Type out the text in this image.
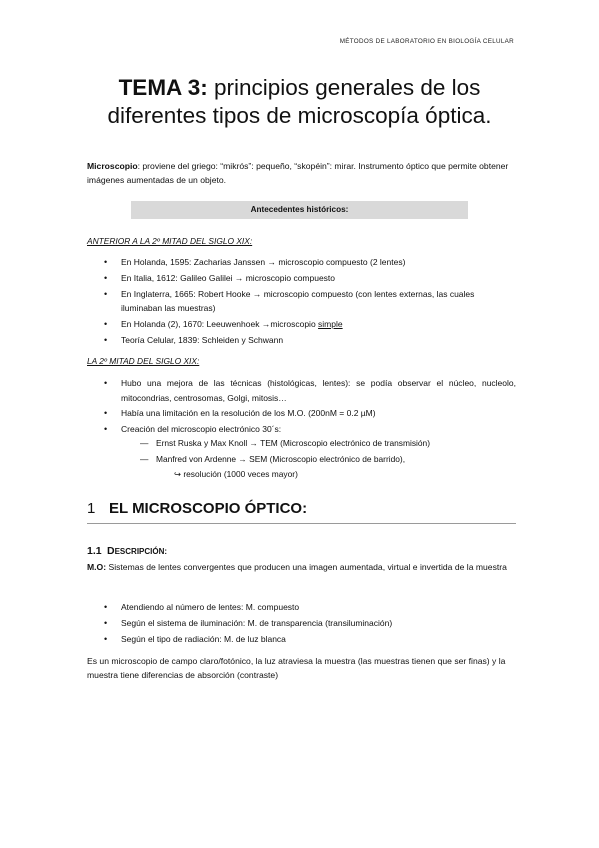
MÉTODOS DE LABORATORIO EN BIOLOGÍA CELULAR
TEMA 3: principios generales de los
diferentes tipos de microscopía óptica.
Microscopio: proviene del griego: “mikrós”: pequeño, “skopéin”: mirar. Instrumento óptico que permite obtener imágenes aumentadas de un objeto.
Antecedentes históricos:
ANTERIOR A LA 2º MITAD DEL SIGLO XIX:
• En Holanda, 1595: Zacharias Janssen → microscopio compuesto (2 lentes)
• En Italia, 1612: Galileo Galilei → microscopio compuesto
• En Inglaterra, 1665: Robert Hooke → microscopio compuesto (con lentes externas, las cuales iluminaban las muestras)
• En Holanda (2), 1670: Leeuwenhoek →microscopio simple
• Teoría Celular, 1839: Schleiden y Schwann
LA 2º MITAD DEL SIGLO XIX:
• Hubo una mejora de las técnicas (histológicas, lentes): se podía observar el núcleo, nucleolo, mitocondrias, centrosomas, Golgi, mitosis…
• Había una limitación en la resolución de los M.O. (200nM = 0.2 µM)
• Creación del microscopio electrónico 30´s:
— Ernst Ruska y Max Knoll → TEM (Microscopio electrónico de transmisión)
— Manfred von Ardenne → SEM (Microscopio electrónico de barrido),
↪ resolución (1000 veces mayor)
1 EL MICROSCOPIO ÓPTICO:
1.1 DESCRIPCIÓN:
M.O: Sistemas de lentes convergentes que producen una imagen aumentada, virtual e invertida de la muestra
• Atendiendo al número de lentes: M. compuesto
• Según el sistema de iluminación: M. de transparencia (transiluminación)
• Según el tipo de radiación: M. de luz blanca
Es un microscopio de campo claro/fotónico, la luz atraviesa la muestra (las muestras tienen que ser finas) y la muestra tiene diferencias de absorción (contraste)
